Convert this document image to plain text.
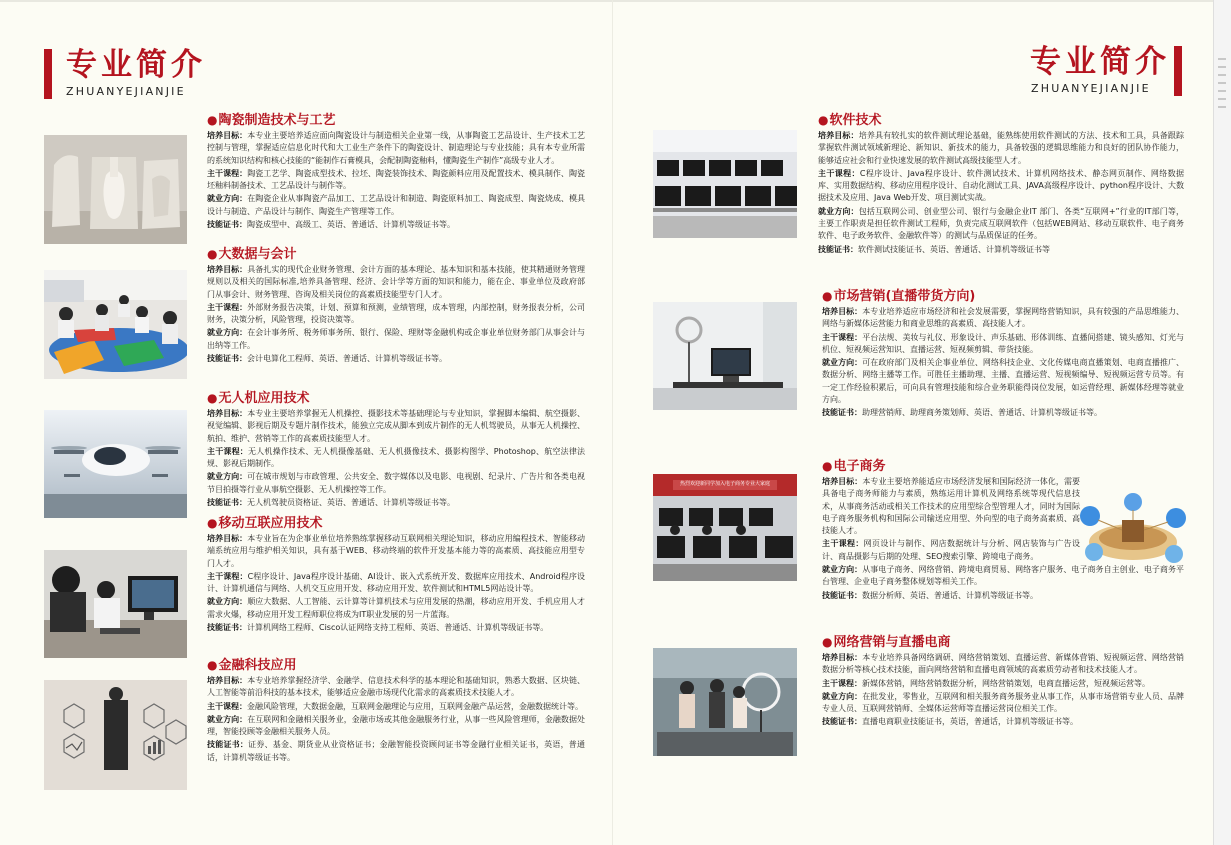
专业简介
ZHUANYEJIANJIE
专业简介
ZHUANYEJIANJIE
● 陶瓷制造技术与工艺
培养目标：本专业主要培养适应面向陶瓷设计与制造相关企业第一线，从事陶瓷工艺品设计、生产技术工艺控制与管理，掌握适应信息化时代和大工业生产条件下的陶瓷设计、制造理论与专业技能；具有本专业所需的系统知识结构和核心技能的“能制作石膏模具，会配制陶瓷釉料，懂陶瓷生产制作”高级专业人才。
主干课程：陶瓷工艺学、陶瓷成型技术、拉坯、陶瓷装饰技术、陶瓷颜料应用及配置技术、模具制作、陶瓷坯釉料制备技术、工艺品设计与制作等。
就业方向：在陶瓷企业从事陶瓷产品加工、工艺品设计和制造、陶瓷原料加工、陶瓷成型、陶瓷烧成、模具设计与制造、产品设计与制作、陶瓷生产管理等工作。
技能证书：陶瓷成型中、高级工、英语、普通话、计算机等级证书等。
● 大数据与会计
培养目标：具备扎实的现代企业财务管理、会计方面的基本理论、基本知识和基本技能，使其精通财务管理规则以及相关的国际标准,培养具备管理、经济、会计学等方面的知识和能力，能在企、事业单位及政府部门从事会计、财务管理、咨询及相关岗位的高素质技能型专门人才。
主干课程：外部财务报告决策，计划、预算和预测，业绩管理，成本管理，内部控制，财务报表分析，公司财务，决策分析，风险管理，投资决策等。
就业方向：在会计事务所、税务师事务所、银行、保险、理财等金融机构或企事业单位财务部门从事会计与出纳等工作。
技能证书：会计电算化工程师、英语、普通话、计算机等级证书等。
● 无人机应用技术
培养目标：本专业主要培养掌握无人机操控、摄影技术等基础理论与专业知识，掌握脚本编辑、航空摄影、视觉编辑、影视后期及专题片制作技术，能独立完成从脚本到成片制作的无人机驾驶员，从事无人机操控、航拍、维护、营销等工作的高素质技能型人才。
主干课程：无人机操作技术、无人机摄像基础、无人机摄像技术、摄影构图学、Photoshop、航空法律法规、影视后期制作。
就业方向：可在城市规划与市政管理、公共安全、数字媒体以及电影、电视剧、纪录片、广告片和各类电视节目拍摄等行业从事航空摄影、无人机操控等工作。
技能证书：无人机驾驶员资格证、英语、普通话、计算机等级证书等。
● 移动互联应用技术
培养目标：本专业旨在为企事业单位培养熟练掌握移动互联网相关理论知识，移动应用编程技术、智能移动端系统应用与维护相关知识，具有基于WEB、移动终端的软件开发基本能力等的高素质、高技能应用型专门人才。
主干课程：C程序设计、Java程序设计基础、AI设计、嵌入式系统开发、数据库应用技术、Android程序设计、计算机通信与网络、人机交互应用开发、移动应用开发、软件测试和HTML5网站设计等。
就业方向：顺应大数据、人工智能、云计算等计算机技术与应用发展的热潮，移动应用开发、手机应用人才需求火爆，移动应用开发工程师职位将成为IT职业发展的另一片蓝海。
技能证书：计算机网络工程师、Cisco认证网络支持工程师、英语、普通话、计算机等级证书等。
● 金融科技应用
培养目标：本专业培养掌握经济学、金融学、信息技术科学的基本理论和基础知识，熟悉大数据、区块链、人工智能等前沿科技的基本技术，能够适应金融市场现代化需求的高素质技术技能人才。
主干课程：金融风险管理，大数据金融，互联网金融理论与应用，互联网金融产品运营，金融数据统计等。
就业方向：在互联网和金融相关服务业，金融市场或其他金融服务行业，从事一些风险管理师，金融数据处理，智能投顾等金融相关服务人员。
技能证书：证券、基金、期货业从业资格证书；金融智能投资顾问证书等金融行业相关证书，英语，普通话，计算机等级证书等。
热烈欢迎新同学加入电子商务专业大家庭
● 软件技术
培养目标：培养具有较扎实的软件测试理论基础，能熟练使用软件测试的方法、技术和工具，具备跟踪掌握软件测试领域新理论、新知识、新技术的能力，具备较强的逻辑思维能力和良好的团队协作能力，能够适应社会和行业快速发展的软件测试高级技能型人才。
主干课程：C程序设计、Java程序设计、软件测试技术、计算机网络技术、静态网页制作、网络数据库、实用数据结构、移动应用程序设计、自动化测试工具、JAVA高级程序设计、python程序设计、大数据技术及应用、Java Web开发、项目测试实战。
就业方向：包括互联网公司、创业型公司、银行与金融企业IT 部门、各类“互联网+”行业的IT部门等，主要工作职责是担任软件测试工程师，负责完成互联网软件（包括WEB网站、移动互联软件、电子商务软件、电子政务软件、金融软件等）的测试与品质保证的任务。
技能证书：软件测试技能证书、英语、普通话、计算机等级证书等
● 市场营销(直播带货方向)
培养目标：本专业培养适应市场经济和社会发展需要，掌握网络营销知识，具有较强的产品思维能力、网络与新媒体运营能力和商业思维的高素质、高技能人才。
主干课程：平台法规、美妆与礼仪、形象设计、声乐基础、形体训练、直播间搭建、镜头感知、灯光与机位、短视频运营知识、直播运营、短视频剪辑、带货技能。
就业方向：可在政府部门及相关企事业单位、网络科技企业、文化传媒电商直播策划、电商直播推广、数据分析、网络主播等工作。可胜任主播助理、主播、直播运营、短视频编导、短视频运营专员等。有一定工作经验积累后，可向具有管理技能和综合业务职能得岗位发展，如运营经理、新媒体经理等就业方向。
技能证书：助理营销师、助理商务策划师、英语、普通话、计算机等级证书等。
● 电子商务
培养目标：本专业主要培养能适应市场经济发展和国际经济一体化，需要具备电子商务师能力与素质，熟练运用计算机及网络系统等现代信息技术，从事商务活动或相关工作技术的应用型综合型管理人才，同时为国际电子商务服务机构和国际公司输送应用型、外向型的电子商务高素质、高技能人才。
主干课程：网页设计与制作、网店数据统计与分析、网店装饰与广告设计、商品摄影与后期的处理、SEO搜索引擎、跨境电子商务。
就业方向：从事电子商务、网络营销、跨境电商贸易、网络客户服务、电子商务自主创业、电子商务平台管理、企业电子商务整体规划等相关工作。
技能证书：数据分析师、英语、普通话、计算机等级证书等。
● 网络营销与直播电商
培养目标：本专业培养具备网络调研、网络营销策划、直播运营、新媒体营销、短视频运营、网络营销数据分析等核心技术技能，面向网络营销和直播电商领域的高素质劳动者和技术技能人才。
主干课程：新媒体营销，网络营销数据分析，网络营销策划，电商直播运营，短视频运营等。
就业方向：在批发业，零售业，互联网和相关服务商务服务业从事工作，从事市场营销专业人员、品牌专业人员、互联网营销师、全媒体运营师等直播运营岗位相关工作。
技能证书：直播电商职业技能证书，英语，普通话，计算机等级证书等。
